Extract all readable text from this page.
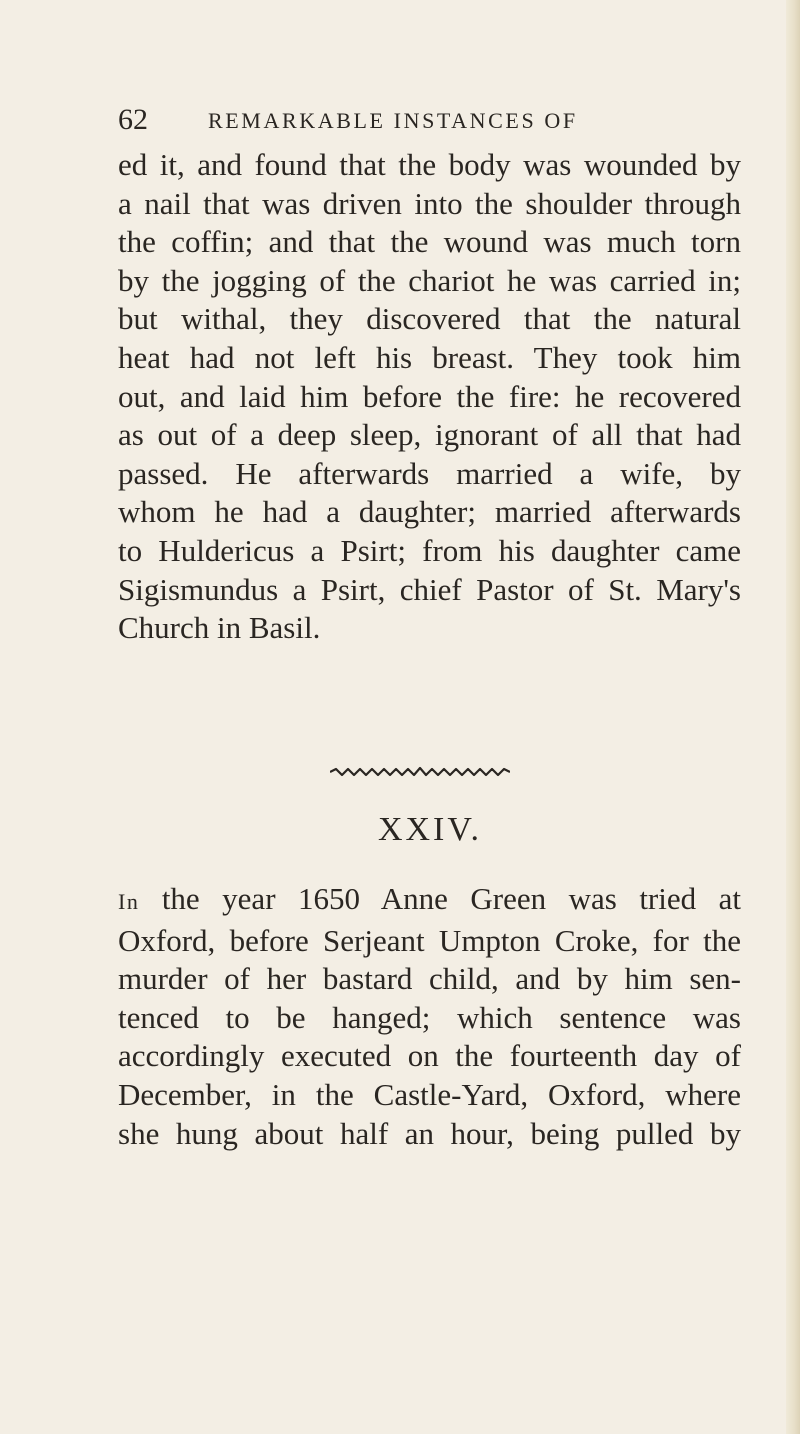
62	REMARKABLE INSTANCES OF
ed it, and found that the body was wounded by
a nail that was driven into the shoulder through
the coffin; and that the wound was much torn
by the jogging of the chariot he was carried in;
but withal, they discovered that the natural
heat had not left his breast. They took him
out, and laid him before the fire: he recovered
as out of a deep sleep, ignorant of all that had
passed. He afterwards married a wife, by
whom he had a daughter; married afterwards
to Huldericus a Psirt; from his daughter came
Sigismundus a Psirt, chief Pastor of St. Mary's
Church in Basil.
XXIV.
In the year 1650 Anne Green was tried at
Oxford, before Serjeant Umpton Croke, for the
murder of her bastard child, and by him sen-
tenced to be hanged; which sentence was
accordingly executed on the fourteenth day of
December, in the Castle-Yard, Oxford, where
she hung about half an hour, being pulled by
